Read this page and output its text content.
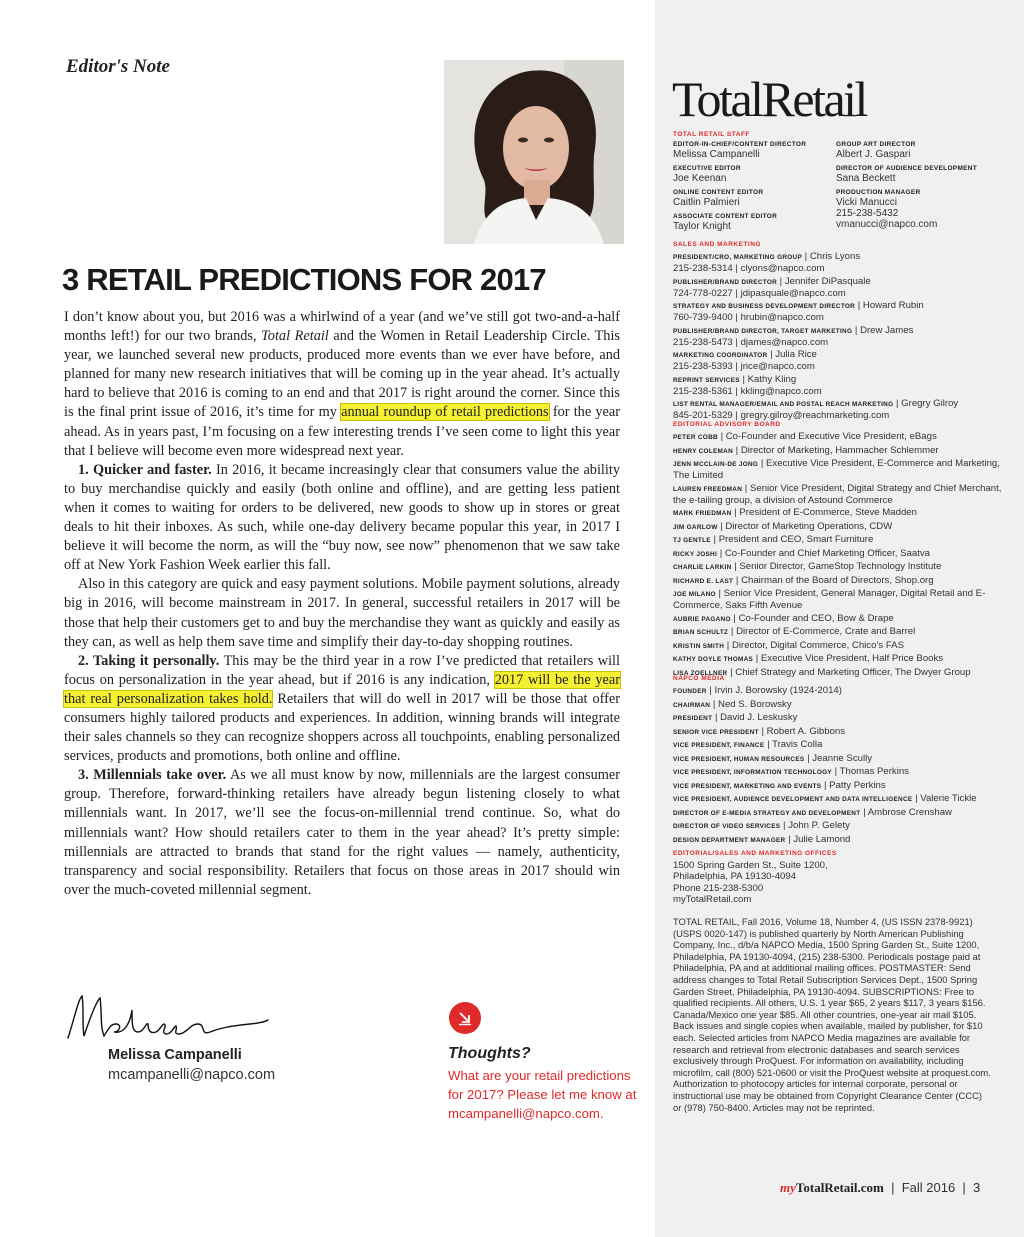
Editor's Note
3 RETAIL PREDICTIONS FOR 2017

I don’t know about you, but 2016 was a whirlwind of a year (and we’ve still got two-and-a-half months left!) for our two brands, Total Retail and the Women in Retail Leadership Circle. This year, we launched several new products, produced more events than we ever have before, and planned for many new research initiatives that will be coming up in the year ahead. It’s actually hard to believe that 2016 is coming to an end and that 2017 is right around the corner. Since this is the final print issue of 2016, it’s time for my annual roundup of retail predictions for the year ahead. As in years past, I’m focusing on a few interesting trends I’ve seen come to light this year that I believe will become even more widespread next year.

1. Quicker and faster. In 2016, it became increasingly clear that consumers value the ability to buy merchandise quickly and easily (both online and offline), and are getting less patient when it comes to waiting for orders to be delivered, new goods to show up in stores or great deals to hit their inboxes. As such, while one-day delivery became popular this year, in 2017 I believe it will become the norm, as will the “buy now, see now” phenomenon that we saw take off at New York Fashion Week earlier this fall.

Also in this category are quick and easy payment solutions. Mobile payment solutions, already big in 2016, will become mainstream in 2017. In general, successful retailers in 2017 will be those that help their customers get to and buy the merchandise they want as quickly and easily as they can, as well as help them save time and simplify their day-to-day shopping routines.

2. Taking it personally. This may be the third year in a row I’ve predicted that retailers will focus on personalization in the year ahead, but if 2016 is any indication, 2017 will be the year that real personalization takes hold. Retailers that will do well in 2017 will be those that offer consumers highly tailored products and experiences. In addition, winning brands will integrate their sales channels so they can recognize shoppers across all touchpoints, enabling personalized services, products and promotions, both online and offline.

3. Millennials take over. As we all must know by now, millennials are the largest consumer group. Therefore, forward-thinking retailers have already begun listening closely to what millennials want. In 2017, we’ll see the focus-on-millennial trend continue. So, what do millennials want? How should retailers cater to them in the year ahead? It’s pretty simple: millennials are attracted to brands that stand for the right values — namely, authenticity, transparency and social responsibility. Retailers that focus on those areas in 2017 should win over the much-coveted millennial segment.

Melissa Campanelli
mcampanelli@napco.com
Thoughts?
What are your retail predictions for 2017? Please let me know at mcampanelli@napco.com.
TotalRetail
TOTAL RETAIL STAFF
EDITOR-IN-CHIEF/CONTENT DIRECTOR
Melissa Campanelli
EXECUTIVE EDITOR
Joe Keenan
ONLINE CONTENT EDITOR
Caitlin Palmieri
ASSOCIATE CONTENT EDITOR
Taylor Knight
GROUP ART DIRECTOR
Albert J. Gaspari
DIRECTOR OF AUDIENCE DEVELOPMENT
Sana Beckett
PRODUCTION MANAGER
Vicki Manucci
215-238-5432
vmanucci@napco.com
SALES AND MARKETING
PRESIDENT/CRO, MARKETING GROUP | Chris Lyons
215-238-5314 | clyons@napco.com
PUBLISHER/BRAND DIRECTOR | Jennifer DiPasquale
724-778-0227 | jdipasquale@napco.com
STRATEGY AND BUSINESS DEVELOPMENT DIRECTOR | Howard Rubin
760-739-9400 | hrubin@napco.com
PUBLISHER/BRAND DIRECTOR, TARGET MARKETING | Drew James
215-238-5473 | djames@napco.com
MARKETING COORDINATOR | Julia Rice
215-238-5393 | jrice@napco.com
REPRINT SERVICES | Kathy Kling
215-238-5361 | kkling@napco.com
LIST RENTAL MANAGER/EMAIL AND POSTAL REACH MARKETING | Gregry Gilroy
845-201-5329 | gregry.gilroy@reachmarketing.com
EDITORIAL ADVISORY BOARD
PETER COBB | Co-Founder and Executive Vice President, eBags
HENRY COLEMAN | Director of Marketing, Hammacher Schlemmer
JENN MCCLAIN-DE JONG | Executive Vice President, E-Commerce and Marketing, The Limited
LAUREN FREEDMAN | Senior Vice President, Digital Strategy and Chief Merchant, the e-tailing group, a division of Astound Commerce
MARK FRIEDMAN | President of E-Commerce, Steve Madden
JIM GARLOW | Director of Marketing Operations, CDW
TJ GENTLE | President and CEO, Smart Furniture
RICKY JOSHI | Co-Founder and Chief Marketing Officer, Saatva
CHARLIE LARKIN | Senior Director, GameStop Technology Institute
RICHARD E. LAST | Chairman of the Board of Directors, Shop.org
JOE MILANO | Senior Vice President, General Manager, Digital Retail and E-Commerce, Saks Fifth Avenue
AUBRIE PAGANO | Co-Founder and CEO, Bow & Drape
BRIAN SCHULTZ | Director of E-Commerce, Crate and Barrel
KRISTIN SMITH | Director, Digital Commerce, Chico’s FAS
KATHY DOYLE THOMAS | Executive Vice President, Half Price Books
LISA ZOELLNER | Chief Strategy and Marketing Officer, The Dwyer Group
NAPCO MEDIA
FOUNDER | Irvin J. Borowsky (1924-2014)
CHAIRMAN | Ned S. Borowsky
PRESIDENT | David J. Leskusky
SENIOR VICE PRESIDENT | Robert A. Gibbons
VICE PRESIDENT, FINANCE | Travis Colla
VICE PRESIDENT, HUMAN RESOURCES | Jeanne Scully
VICE PRESIDENT, INFORMATION TECHNOLOGY | Thomas Perkins
VICE PRESIDENT, MARKETING AND EVENTS | Patty Perkins
VICE PRESIDENT, AUDIENCE DEVELOPMENT AND DATA INTELLIGENCE | Valerie Tickle
DIRECTOR OF E-MEDIA STRATEGY AND DEVELOPMENT | Ambrose Crenshaw
DIRECTOR OF VIDEO SERVICES | John P. Gelety
DESIGN DEPARTMENT MANAGER | Julie Lamond
EDITORIAL/SALES AND MARKETING OFFICES
1500 Spring Garden St., Suite 1200,
Philadelphia, PA 19130-4094
Phone 215-238-5300
myTotalRetail.com
TOTAL RETAIL, Fall 2016, Volume 18, Number 4, (US ISSN 2378-9921) (USPS 0020-147) is published quarterly by North American Publishing Company, Inc., d/b/a NAPCO Media, 1500 Spring Garden St., Suite 1200, Philadelphia, PA 19130-4094, (215) 238-5300. Periodicals postage paid at Philadelphia, PA and at additional mailing offices. POSTMASTER: Send address changes to Total Retail Subscription Services Dept., 1500 Spring Garden Street, Philadelphia, PA 19130-4094. SUBSCRIPTIONS: Free to qualified recipients. All others, U.S. 1 year $65, 2 years $117, 3 years $156. Canada/Mexico one year $85. All other countries, one-year air mail $105. Back issues and single copies when available, mailed by publisher, for $10 each. Selected articles from NAPCO Media magazines are available for research and retrieval from electronic databases and search services exclusively through ProQuest. For information on availability, including microfilm, call (800) 521-0600 or visit the ProQuest website at proquest.com. Authorization to photocopy articles for internal corporate, personal or instructional use may be obtained from Copyright Clearance Center (CCC) or (978) 750-8400. Articles may not be reprinted.
myTotalRetail.com  |  Fall 2016  |  3
